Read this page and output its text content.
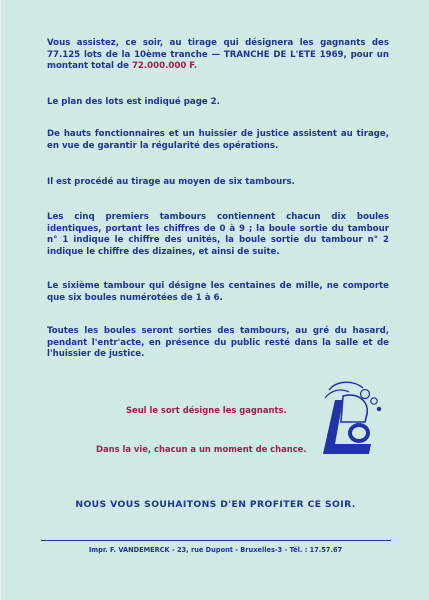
Vous assistez, ce soir, au tirage qui désignera les gagnants des 77.125 lots de la 10ème tranche — TRANCHE DE L'ETE 1969, pour un montant total de 72.000.000 F.

Le plan des lots est indiqué page 2.

De hauts fonctionnaires et un huissier de justice assistent au tirage, en vue de garantir la régularité des opérations.

Il est procédé au tirage au moyen de six tambours.

Les cinq premiers tambours contiennent chacun dix boules identiques, portant les chiffres de 0 à 9 ; la boule sortie du tambour n° 1 indique le chiffre des unités, la boule sortie du tambour n° 2 indique le chiffre des dizaines, et ainsi de suite.

Le sixième tambour qui désigne les centaines de mille, ne comporte que six boules numérotées de 1 à 6.

Toutes les boules seront sorties des tambours, au gré du hasard, pendant l'entr'acte, en présence du public resté dans la salle et de l'huissier de justice.

Seul le sort désigne les gagnants.

Dans la vie, chacun a un moment de chance.

NOUS VOUS SOUHAITONS D'EN PROFITER CE SOIR.

Impr. F. VANDEMERCK - 23, rue Dupont - Bruxelles-3 - Tél. : 17.57.67
